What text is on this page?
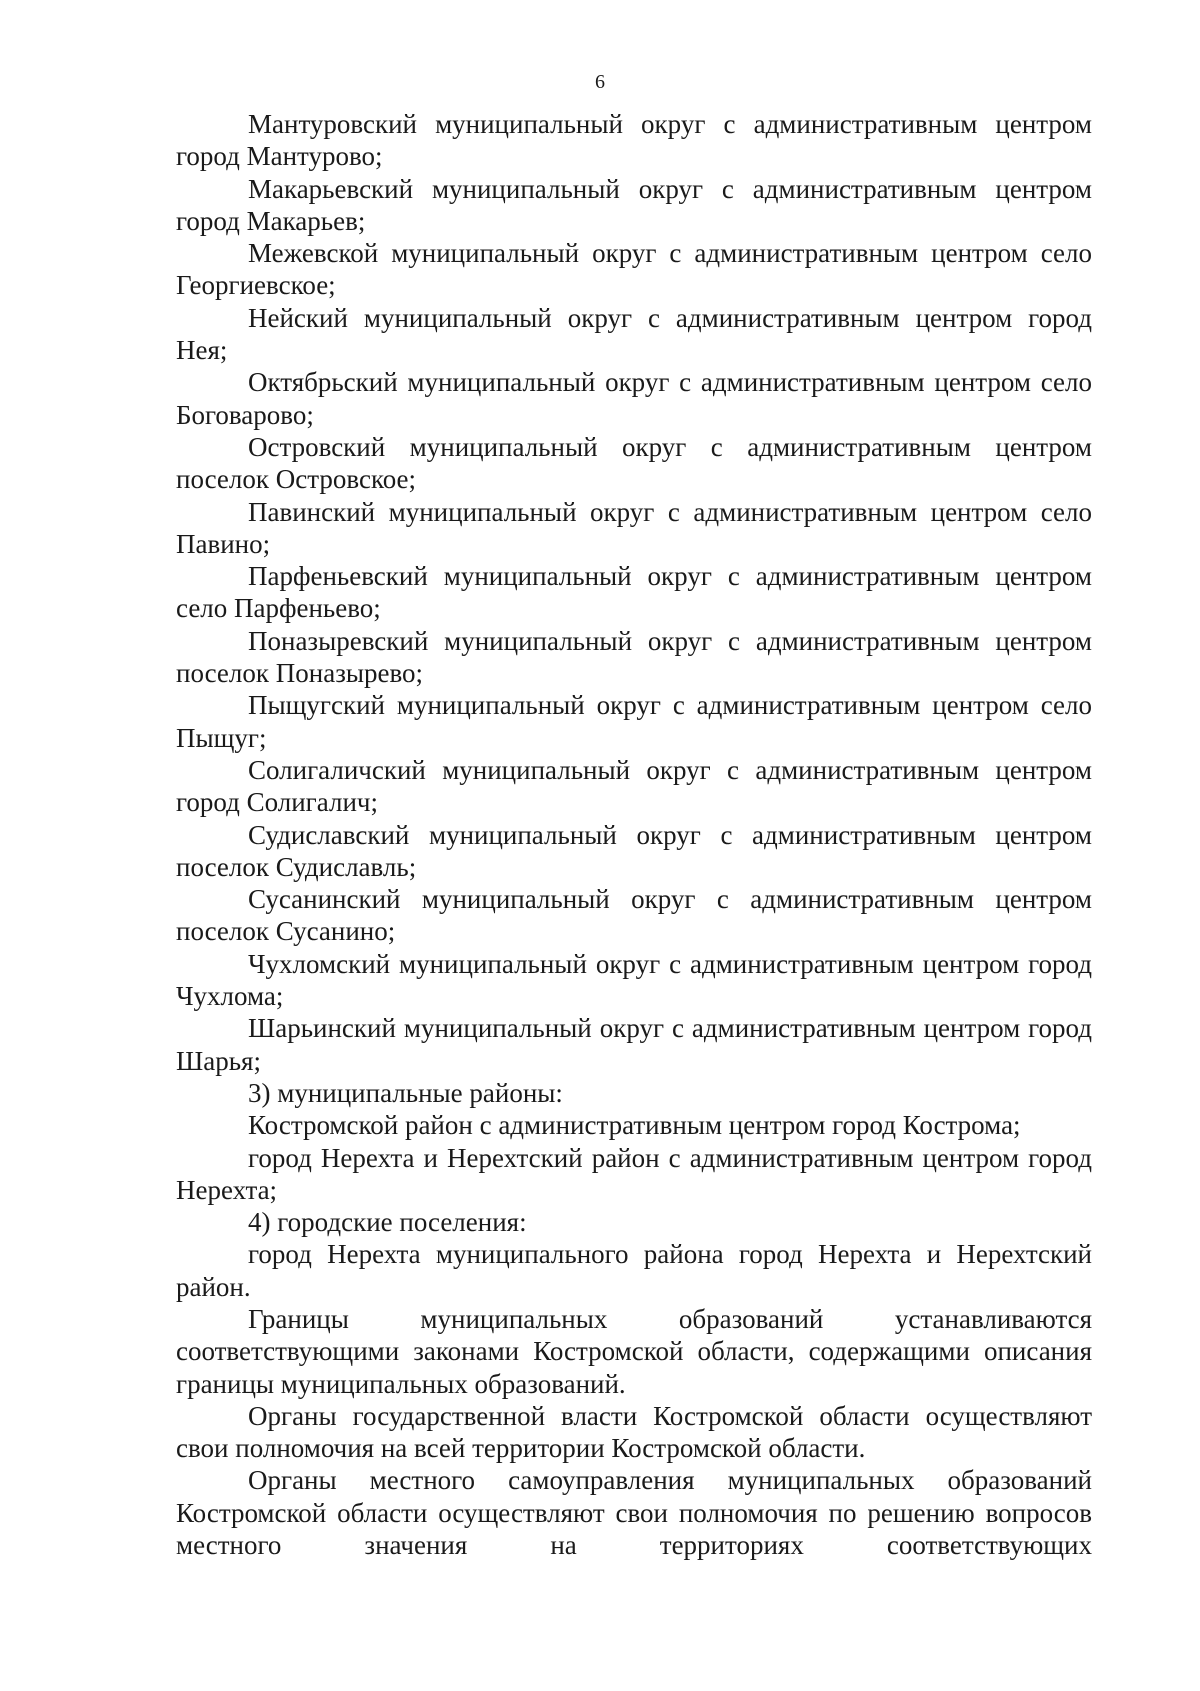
6

Мантуровский муниципальный округ с административным центром город Мантурово;

Макарьевский муниципальный округ с административным центром город Макарьев;

Межевской муниципальный округ с административным центром село Георгиевское;

Нейский муниципальный округ с административным центром город Нея;

Октябрьский муниципальный округ с административным центром село Боговарово;

Островский муниципальный округ с административным центром поселок Островское;

Павинский муниципальный округ с административным центром село Павино;

Парфеньевский муниципальный округ с административным центром село Парфеньево;

Поназыревский муниципальный округ с административным центром поселок Поназырево;

Пыщугский муниципальный округ с административным центром село Пыщуг;

Солигаличский муниципальный округ с административным центром город Солигалич;

Судиславский муниципальный округ с административным центром поселок Судиславль;

Сусанинский муниципальный округ с административным центром поселок Сусанино;

Чухломский муниципальный округ с административным центром город Чухлома;

Шарьинский муниципальный округ с административным центром город Шарья;

3) муниципальные районы:

Костромской район с административным центром город Кострома;

город Нерехта и Нерехтский район с административным центром город Нерехта;

4) городские поселения:

город Нерехта муниципального района город Нерехта и Нерехтский район.

Границы муниципальных образований устанавливаются соответствующими законами Костромской области, содержащими описания границы муниципальных образований.

Органы государственной власти Костромской области осуществляют свои полномочия на всей территории Костромской области.

Органы местного самоуправления муниципальных образований Костромской области осуществляют свои полномочия по решению вопросов местного значения на территориях соответствующих
